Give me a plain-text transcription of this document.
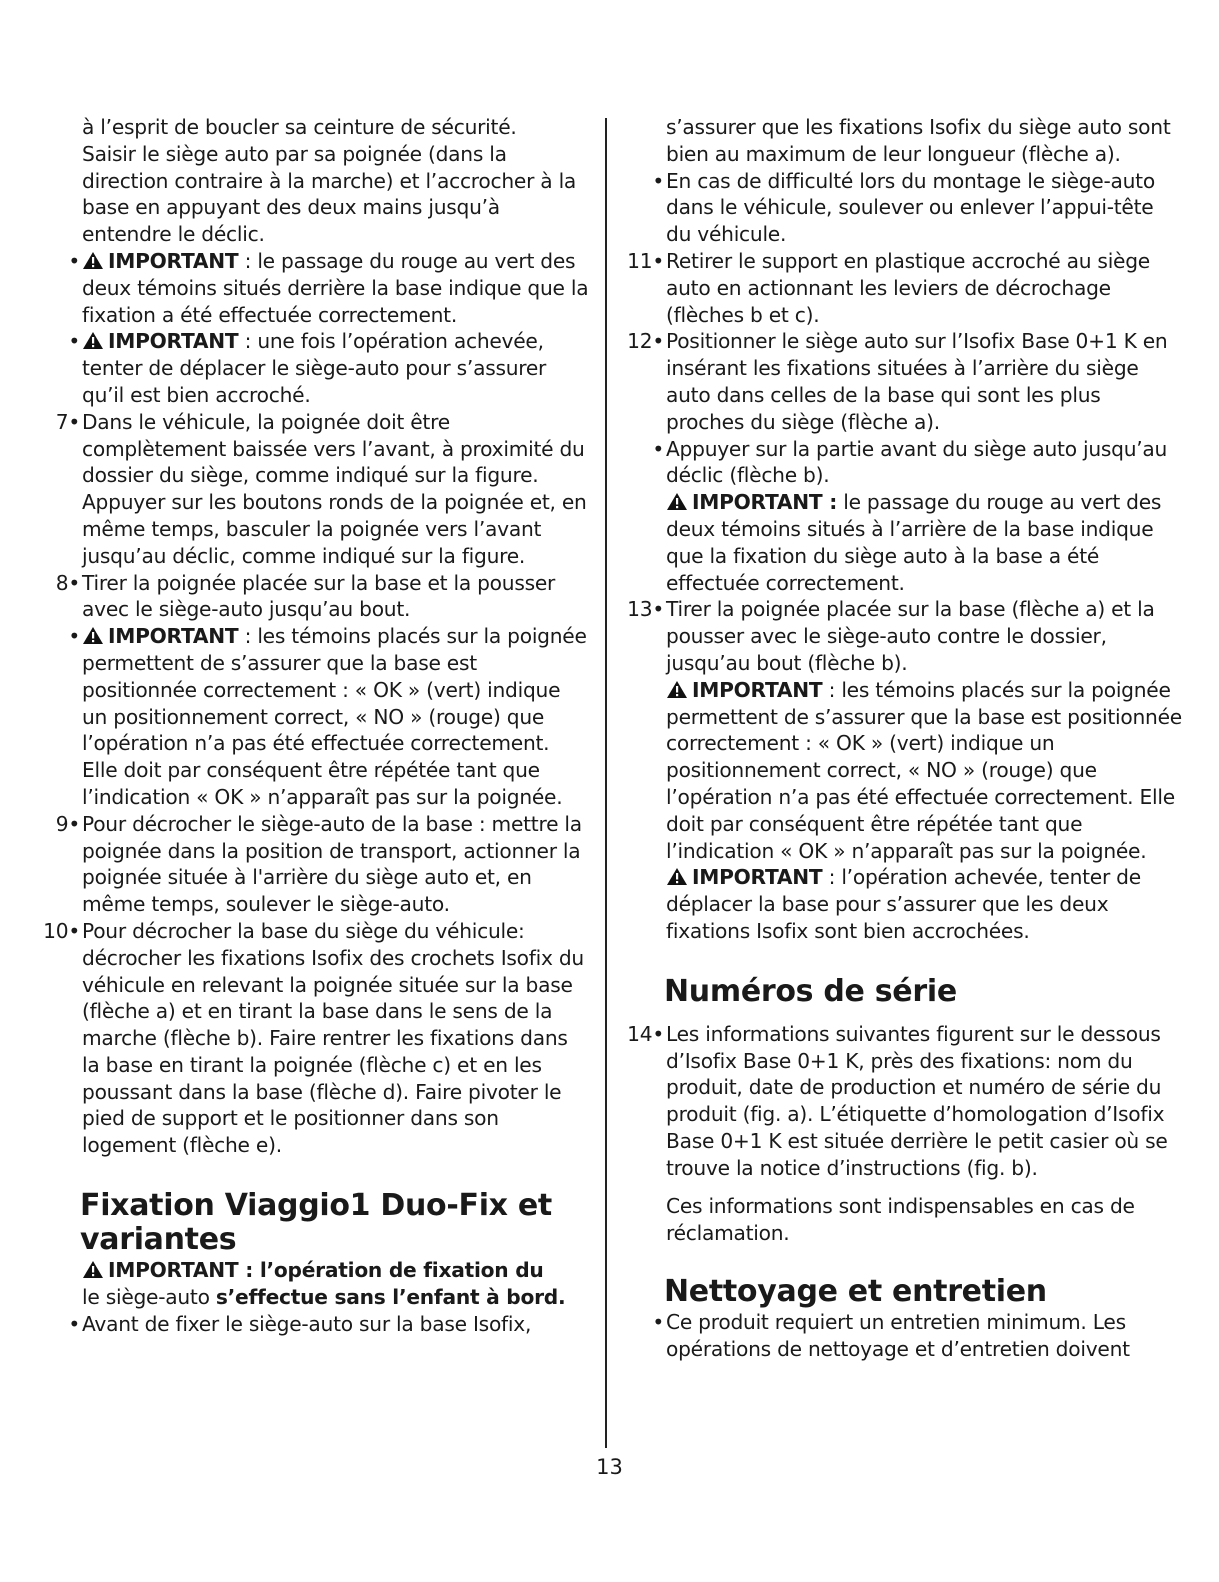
à l’esprit de boucler sa ceinture de sécurité.
Saisir le siège auto par sa poignée (dans la direction contraire à la marche) et l’accrocher à la base en appuyant des deux mains jusqu’à entendre le déclic.
• IMPORTANT : le passage du rouge au vert des deux témoins situés derrière la base indique que la fixation a été effectuée correctement.
• IMPORTANT : une fois l’opération achevée, tenter de déplacer le siège-auto pour s’assurer qu’il est bien accroché.
7• Dans le véhicule, la poignée doit être complètement baissée vers l’avant, à proximité du dossier du siège, comme indiqué sur la figure. Appuyer sur les boutons ronds de la poignée et, en même temps, basculer la poignée vers l’avant jusqu’au déclic, comme indiqué sur la figure.
8• Tirer la poignée placée sur la base et la pousser avec le siège-auto jusqu’au bout.
• IMPORTANT : les témoins placés sur la poignée permettent de s’assurer que la base est positionnée correctement : « OK » (vert) indique un positionnement correct, « NO » (rouge) que l’opération n’a pas été effectuée correctement. Elle doit par conséquent être répétée tant que l’indication « OK » n’apparaît pas sur la poignée.
9• Pour décrocher le siège-auto de la base : mettre la poignée dans la position de transport, actionner la poignée située à l'arrière du siège auto et, en même temps, soulever le siège-auto.
10• Pour décrocher la base du siège du véhicule: décrocher les fixations Isofix des crochets Isofix du véhicule en relevant la poignée située sur la base (flèche a) et en tirant la base dans le sens de la marche (flèche b). Faire rentrer les fixations dans la base en tirant la poignée (flèche c) et en les poussant dans la base (flèche d). Faire pivoter le pied de support et le positionner dans son logement (flèche e).
Fixation Viaggio1 Duo-Fix et variantes
IMPORTANT : l’opération de fixation du
le siège-auto s’effectue sans l’enfant à bord.
• Avant de fixer le siège-auto sur la base Isofix,
s’assurer que les fixations Isofix du siège auto sont bien au maximum de leur longueur (flèche a).
• En cas de difficulté lors du montage le siège-auto dans le véhicule, soulever ou enlever l’appui-tête du véhicule.
11• Retirer le support en plastique accroché au siège auto en actionnant les leviers de décrochage (flèches b et c).
12• Positionner le siège auto sur l’Isofix Base 0+1 K en insérant les fixations situées à l’arrière du siège auto dans celles de la base qui sont les plus proches du siège (flèche a).
• Appuyer sur la partie avant du siège auto jusqu’au déclic (flèche b).
IMPORTANT : le passage du rouge au vert des deux témoins situés à l’arrière de la base indique que la fixation du siège auto à la base a été effectuée correctement.
13• Tirer la poignée placée sur la base (flèche a) et la pousser avec le siège-auto contre le dossier, jusqu’au bout (flèche b).
IMPORTANT : les témoins placés sur la poignée permettent de s’assurer que la base est positionnée correctement : « OK » (vert) indique un positionnement correct, « NO » (rouge) que l’opération n’a pas été effectuée correctement. Elle doit par conséquent être répétée tant que l’indication « OK » n’apparaît pas sur la poignée.
IMPORTANT : l’opération achevée, tenter de déplacer la base pour s’assurer que les deux fixations Isofix sont bien accrochées.
Numéros de série
14• Les informations suivantes figurent sur le dessous d’Isofix Base 0+1 K, près des fixations: nom du produit, date de production et numéro de série du produit (fig. a). L’étiquette d’homologation d’Isofix Base 0+1 K est située derrière le petit casier où se trouve la notice d’instructions (fig. b).
Ces informations sont indispensables en cas de réclamation.
Nettoyage et entretien
• Ce produit requiert un entretien minimum. Les opérations de nettoyage et d’entretien doivent
13
